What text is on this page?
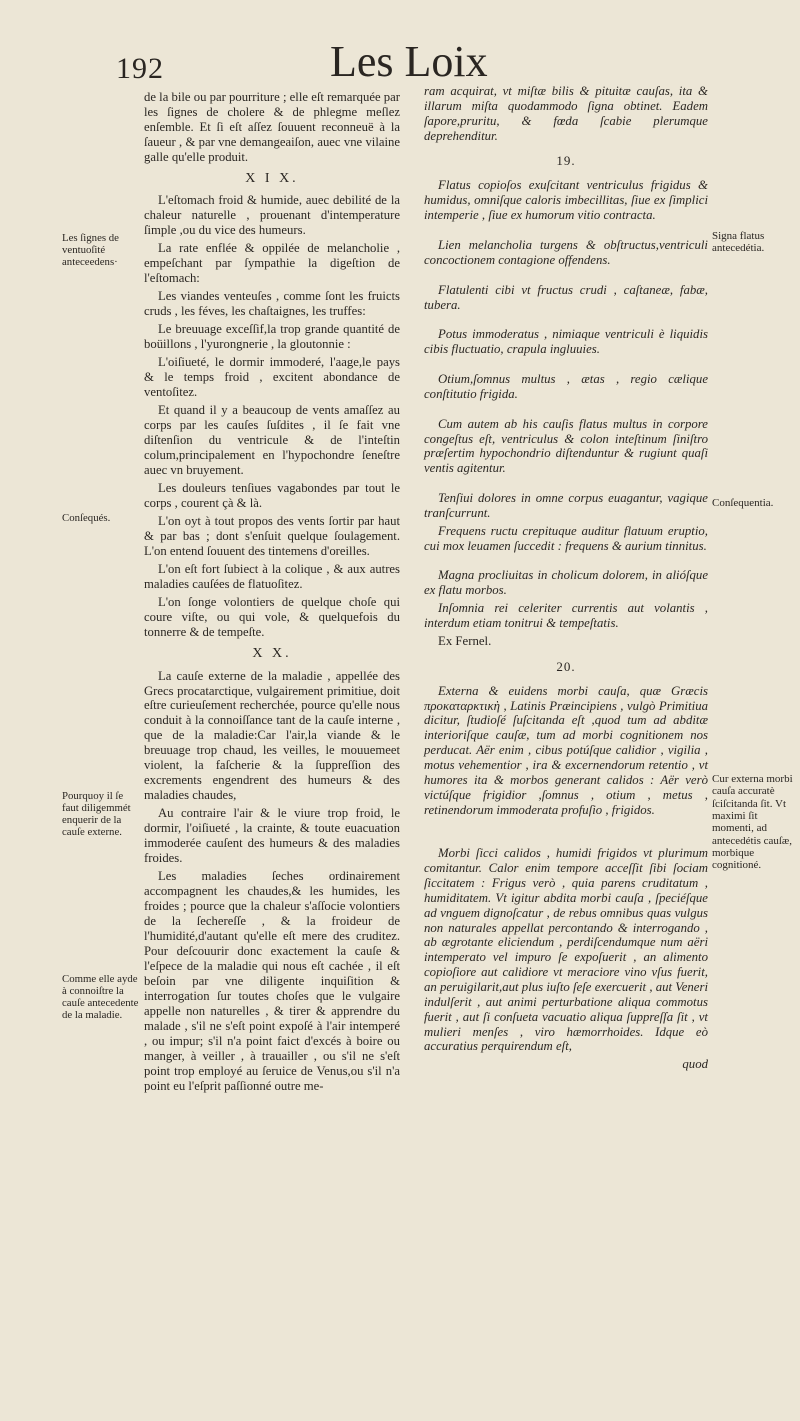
192	Les Loix

de la bile ou par pourriture ; elle eſt remarquée par les ſignes de cholere & de phlegme meſlez enſemble. Et ſi eſt aſſez ſouuent reconneuë à la ſaueur , & par vne demangeaiſon, auec vne vilaine galle qu'elle produit.

X I X.

L'eſtomach froid & humide, auec debilité de la chaleur naturelle , prouenant d'intemperature ſimple ,ou du vice des humeurs.

La rate enflée & oppilée de melancholie , empeſchant par ſympathie la digeſtion de l'eſtomach:

Les viandes venteuſes , comme ſont les fruicts cruds , les féves, les chaſtaignes, les truffes:

Le breuuage exceſſif,la trop grande quantité de boüillons , l'yurongnerie , la gloutonnie :

L'oiſiueté, le dormir immoderé, l'aage,le pays & le temps froid , excitent abondance de ventoſitez.

Et quand il y a beaucoup de vents amaſſez au corps par les cauſes ſuſdites , il ſe fait vne diſtenſion du ventricule & de l'inteſtin colum,principalement en l'hypochondre ſeneſtre auec vn bruyement.

Les douleurs tenſiues vagabondes par tout le corps , courent çà & là.

L'on oyt à tout propos des vents ſortir par haut & par bas ; dont s'enſuit quelque ſoulagement. L'on entend ſouuent des tintemens d'oreilles.

L'on eſt fort ſubiect à la colique , & aux autres maladies cauſées de flatuoſitez.

L'on ſonge volontiers de quelque choſe qui coure viſte, ou qui vole, & quelquefois du tonnerre & de tempeſte.

X X.

La cauſe externe de la maladie , appellée des Grecs procatarctique, vulgairement primitiue, doit eſtre curieuſement recherchée, pource qu'elle nous conduit à la connoiſſance tant de la cauſe interne , que de la maladie:Car l'air,la viande & le breuuage trop chaud, les veilles, le mouuemeet violent, la faſcherie & la ſuppreſſion des excrements engendrent des humeurs & des maladies chaudes,

Au contraire l'air & le viure trop froid, le dormir, l'oiſiueté , la crainte, & toute euacuation immoderée cauſent des humeurs & des maladies froides.

Les maladies ſeches ordinairement accompagnent les chaudes,& les humides, les froides ; pource que la chaleur s'aſſocie volontiers de la ſechereſſe , & la froideur de l'humidité,d'autant qu'elle eſt mere des cruditez. Pour deſcouurir donc exactement la cauſe & l'eſpece de la maladie qui nous eſt cachée , il eſt beſoin par vne diligente inquiſition & interrogation ſur toutes choſes que le vulgaire appelle non naturelles , & tirer & apprendre du malade , s'il ne s'eſt point expoſé à l'air intemperé , ou impur; s'il n'a point faict d'excés à boire ou manger, à veiller , à trauailler , ou s'il ne s'eſt point trop employé au ſeruice de Venus,ou s'il n'a point eu l'eſprit paſſionné outre me-

ram acquirat, vt miſtæ bilis & pituitæ cauſas, ita & illarum miſta quodammodo ſigna obtinet. Eadem ſapore,pruritu, & fœda ſcabie plerumque deprehenditur.

19.

Flatus copioſos exuſcitant ventriculus frigidus & humidus, omniſque caloris imbecillitas, ſiue ex ſimplici intemperie , ſiue ex humorum vitio contracta.

Lien melancholia turgens & obſtructus,ventriculi concoctionem contagione offendens.

Flatulenti cibi vt fructus crudi , caſtaneæ, fabæ, tubera.

Potus immoderatus , nimiaque ventriculi è liquidis cibis fluctuatio, crapula ingluuies.

Otium,ſomnus multus , ætas , regio cælique conſtitutio frigida.

Cum autem ab his cauſis flatus multus in corpore congeſtus eſt, ventriculus & colon inteſtinum ſiniſtro præſertim hypochondrio diſtenduntur & rugiunt quaſi ventis agitentur.

Tenſiui dolores in omne corpus euagantur, vagique tranſcurrunt.

Frequens ructu crepituque auditur flatuum eruptio, cui mox leuamen ſuccedit : frequens & aurium tinnitus.

Magna procliuitas in cholicum dolorem, in alióſque ex flatu morbos.

Inſomnia rei celeriter currentis aut volantis , interdum etiam tonitrui & tempeſtatis.

Ex Fernel.

20.

Externa & euidens morbi cauſa, quæ Græcis προκαταρκτικὴ , Latinis Præincipiens , vulgò Primitiua dicitur, ſtudioſé ſuſcitanda eſt ,quod tum ad abditæ interioriſque cauſæ, tum ad morbi cognitionem nos perducat. Aër enim , cibus potúſque calidior , vigilia , motus vehementior , ira & excernendorum retentio , vt humores ita & morbos generant calidos : Aër verò victúſque frigidior ,ſomnus , otium , metus , retinendorum immoderata profuſio , frigidos.

Morbi ſicci calidos , humidi frigidos vt plurimum comitantur. Calor enim tempore acceſſit ſibi ſociam ſiccitatem : Frigus verò , quia parens cruditatum , humiditatem. Vt igitur abdita morbi cauſa , ſpeciéſque ad vnguem dignoſcatur , de rebus omnibus quas vulgus non naturales appellat percontando & interrogando , ab ægrotante eliciendum , perdiſcendumque num aëri intemperato vel impuro ſe expoſuerit , an alimento copioſiore aut calidiore vt meraciore vino vſus fuerit, an peruigilarit,aut plus iuſto ſeſe exercuerit , aut Veneri indulſerit , aut animi perturbatione aliqua commotus fuerit , aut ſi conſueta vacuatio aliqua ſuppreſſa ſit , vt mulieri menſes , viro hæmorrhoides. Idque eò accuratius perquirendum eſt,

quod

Les ſignes de ventuoſité anteceedens·
Conſequés.
Pourquoy il ſe faut diligemmét enquerir de la cauſe externe.
Comme elle ayde à connoiſtre la cauſe antecedente de la maladie.
Signa flatus antecedétia.
Conſequentia.
Cur externa morbi cauſa accuratè ſciſcitanda ſit. Vt maximi ſit momenti, ad antecedétis cauſæ, morbique cognitioné.
